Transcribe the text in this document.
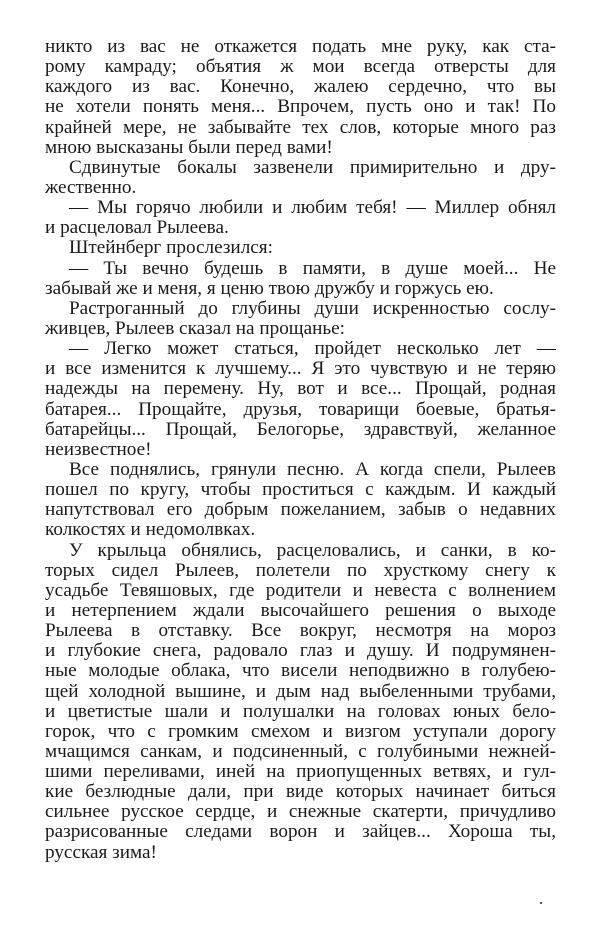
никто из вас не откажется подать мне руку, как ста-
рому камраду; объятия ж мои всегда отверсты для
каждого из вас. Конечно, жалею сердечно, что вы
не хотели понять меня... Впрочем, пусть оно и так! По
крайней мере, не забывайте тех слов, которые много раз
мною высказаны были перед вами!
Сдвинутые бокалы зазвенели примирительно и дру-
жественно.
— Мы горячо любили и любим тебя! — Миллер обнял
и расцеловал Рылеева.
Штейнберг прослезился:
— Ты вечно будешь в памяти, в душе моей... Не
забывай же и меня, я ценю твою дружбу и горжусь ею.
Растроганный до глубины души искренностью сослу-
живцев, Рылеев сказал на прощанье:
— Легко может статься, пройдет несколько лет —
и все изменится к лучшему... Я это чувствую и не теряю
надежды на перемену. Ну, вот и все... Прощай, родная
батарея... Прощайте, друзья, товарищи боевые, братья-
батарейцы... Прощай, Белогорье, здравствуй, желанное
неизвестное!
Все поднялись, грянули песню. А когда спели, Рылеев
пошел по кругу, чтобы проститься с каждым. И каждый
напутствовал его добрым пожеланием, забыв о недавних
колкостях и недомолвках.
У крыльца обнялись, расцеловались, и санки, в ко-
торых сидел Рылеев, полетели по хрусткому снегу к
усадьбе Тевяшовых, где родители и невеста с волнением
и нетерпением ждали высочайшего решения о выходе
Рылеева в отставку. Все вокруг, несмотря на мороз
и глубокие снега, радовало глаз и душу. И подрумянен-
ные молодые облака, что висели неподвижно в голубею-
щей холодной вышине, и дым над выбеленными трубами,
и цветистые шали и полушалки на головах юных бело-
горок, что с громким смехом и визгом уступали дорогу
мчащимся санкам, и подсиненный, с голубиными нежней-
шими переливами, иней на приопущенных ветвях, и гул-
кие безлюдные дали, при виде которых начинает биться
сильнее русское сердце, и снежные скатерти, причудливо
разрисованные следами ворон и зайцев... Хороша ты,
русская зима!
